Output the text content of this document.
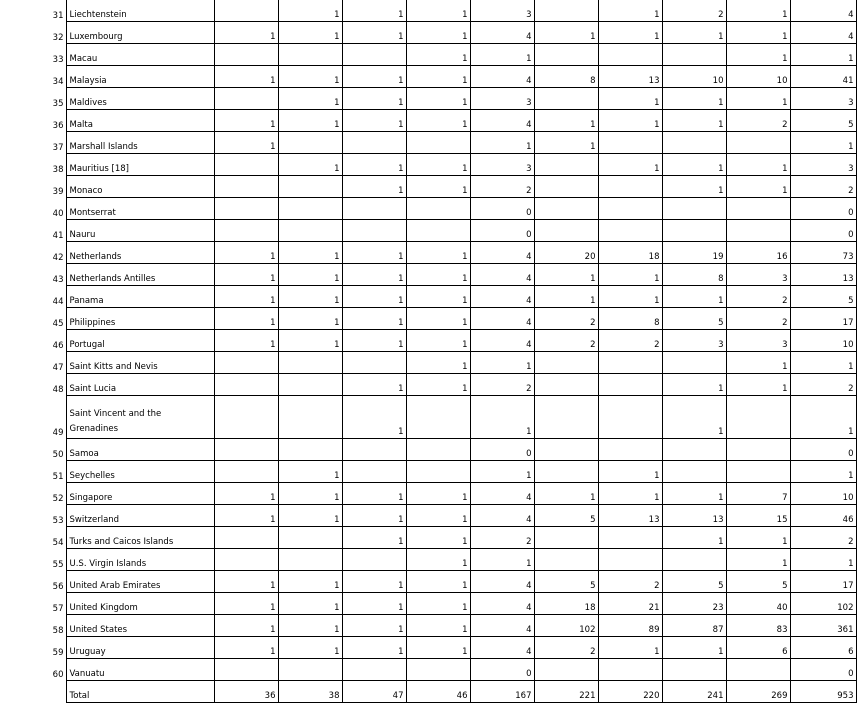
31	Liechtenstein		1	1	1	3		1	2	1	4
32	Luxembourg	1	1	1	1	4	1	1	1	1	4
33	Macau				1	1				1	1
34	Malaysia	1	1	1	1	4	8	13	10	10	41
35	Maldives		1	1	1	3		1	1	1	3
36	Malta	1	1	1	1	4	1	1	1	2	5
37	Marshall Islands	1				1	1				1
38	Mauritius [18]		1	1	1	3		1	1	1	3
39	Monaco			1	1	2			1	1	2
40	Montserrat					0					0
41	Nauru					0					0
42	Netherlands	1	1	1	1	4	20	18	19	16	73
43	Netherlands Antilles	1	1	1	1	4	1	1	8	3	13
44	Panama	1	1	1	1	4	1	1	1	2	5
45	Philippines	1	1	1	1	4	2	8	5	2	17
46	Portugal	1	1	1	1	4	2	2	3	3	10
47	Saint Kitts and Nevis				1	1				1	1
48	Saint Lucia			1	1	2			1	1	2
49	Saint Vincent and the Grenadines			1		1			1		1
50	Samoa					0					0
51	Seychelles		1			1		1			1
52	Singapore	1	1	1	1	4	1	1	1	7	10
53	Switzerland	1	1	1	1	4	5	13	13	15	46
54	Turks and Caicos Islands			1	1	2			1	1	2
55	U.S. Virgin Islands				1	1				1	1
56	United Arab Emirates	1	1	1	1	4	5	2	5	5	17
57	United Kingdom	1	1	1	1	4	18	21	23	40	102
58	United States	1	1	1	1	4	102	89	87	83	361
59	Uruguay	1	1	1	1	4	2	1	1	6	6
60	Vanuatu					0					0
	Total	36	38	47	46	167	221	220	241	269	953
